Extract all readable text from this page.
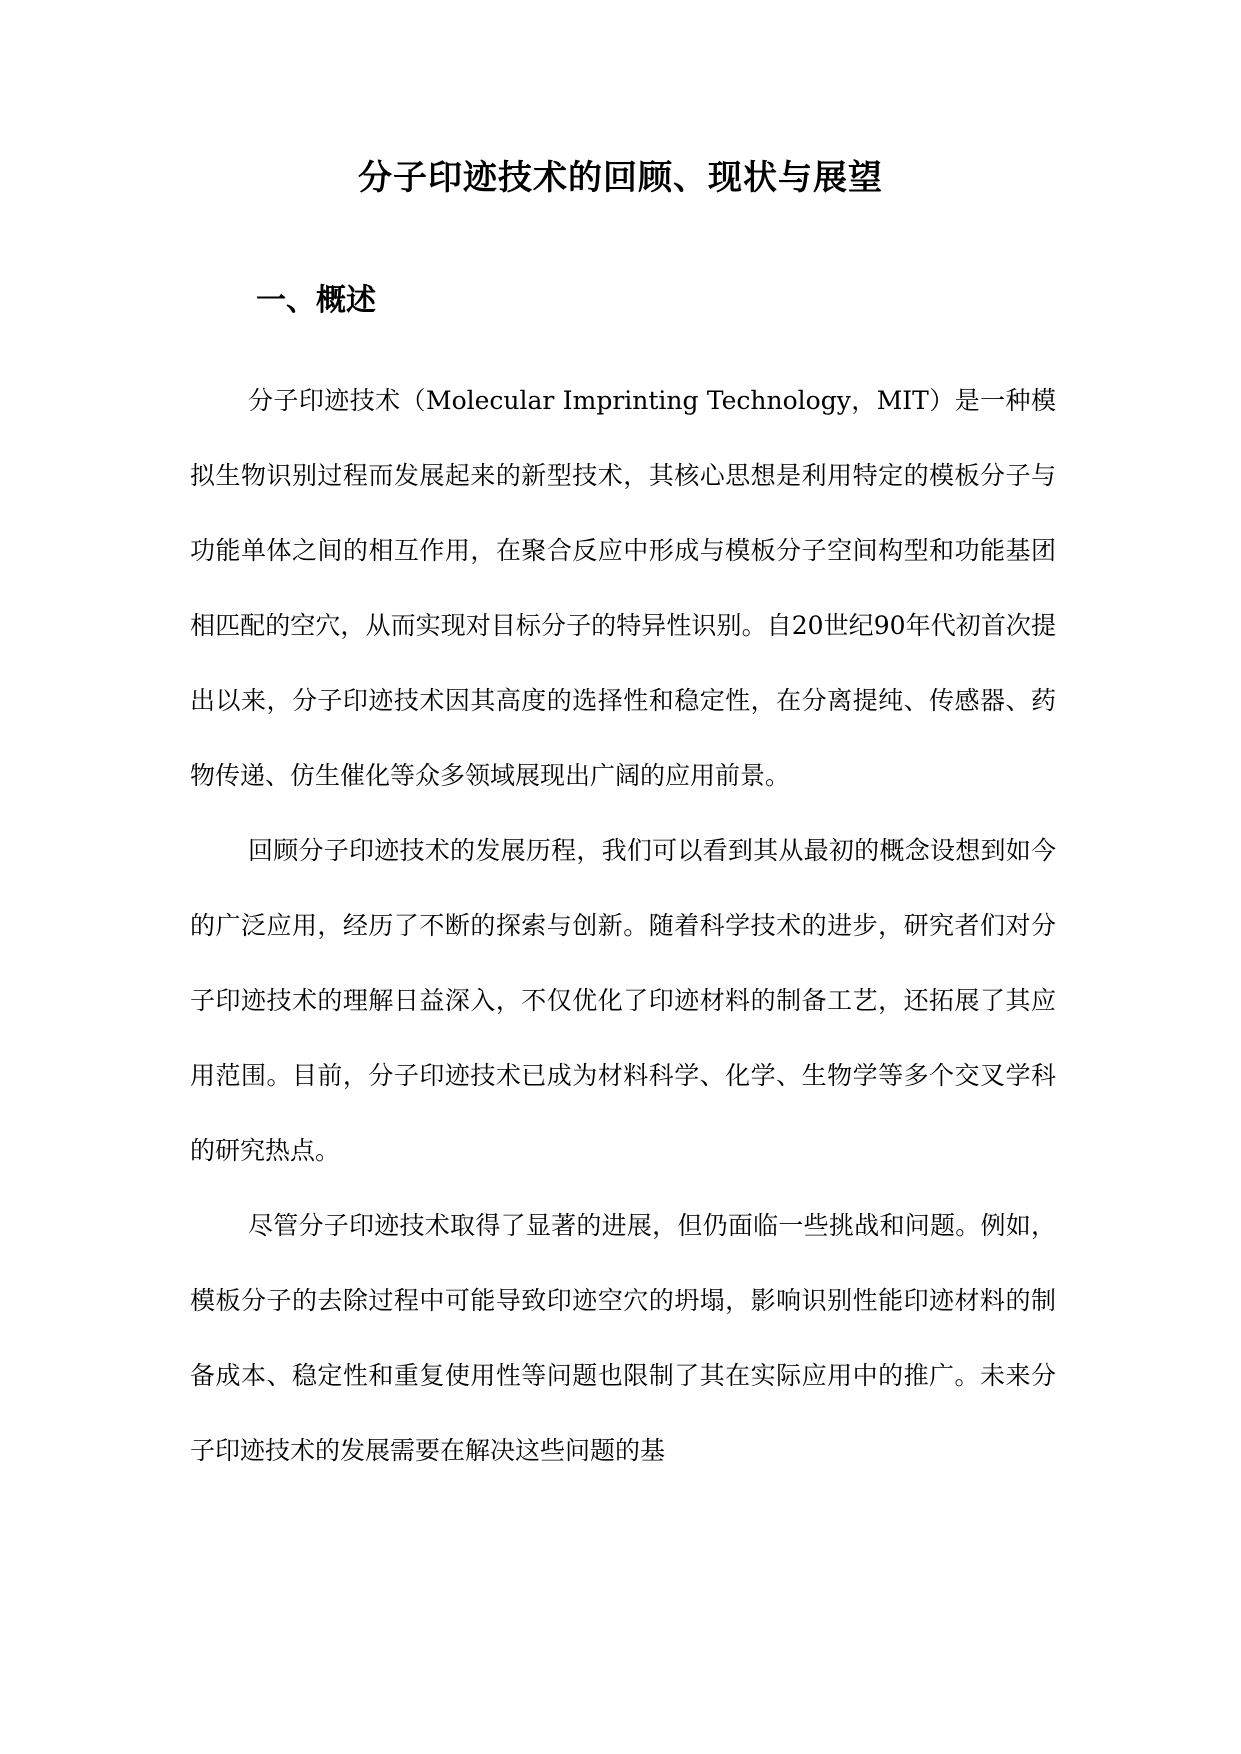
分子印迹技术的回顾、现状与展望
一、概述

分子印迹技术（Molecular Imprinting Technology，MIT）是一种模拟生物识别过程而发展起来的新型技术，其核心思想是利用特定的模板分子与功能单体之间的相互作用，在聚合反应中形成与模板分子空间构型和功能基团相匹配的空穴，从而实现对目标分子的特异性识别。自20世纪90年代初首次提出以来，分子印迹技术因其高度的选择性和稳定性，在分离提纯、传感器、药物传递、仿生催化等众多领域展现出广阔的应用前景。

回顾分子印迹技术的发展历程，我们可以看到其从最初的概念设想到如今的广泛应用，经历了不断的探索与创新。随着科学技术的进步，研究者们对分子印迹技术的理解日益深入，不仅优化了印迹材料的制备工艺，还拓展了其应用范围。目前，分子印迹技术已成为材料科学、化学、生物学等多个交叉学科的研究热点。

尽管分子印迹技术取得了显著的进展，但仍面临一些挑战和问题。例如，模板分子的去除过程中可能导致印迹空穴的坍塌，影响识别性能印迹材料的制备成本、稳定性和重复使用性等问题也限制了其在实际应用中的推广。未来分子印迹技术的发展需要在解决这些问题的基
